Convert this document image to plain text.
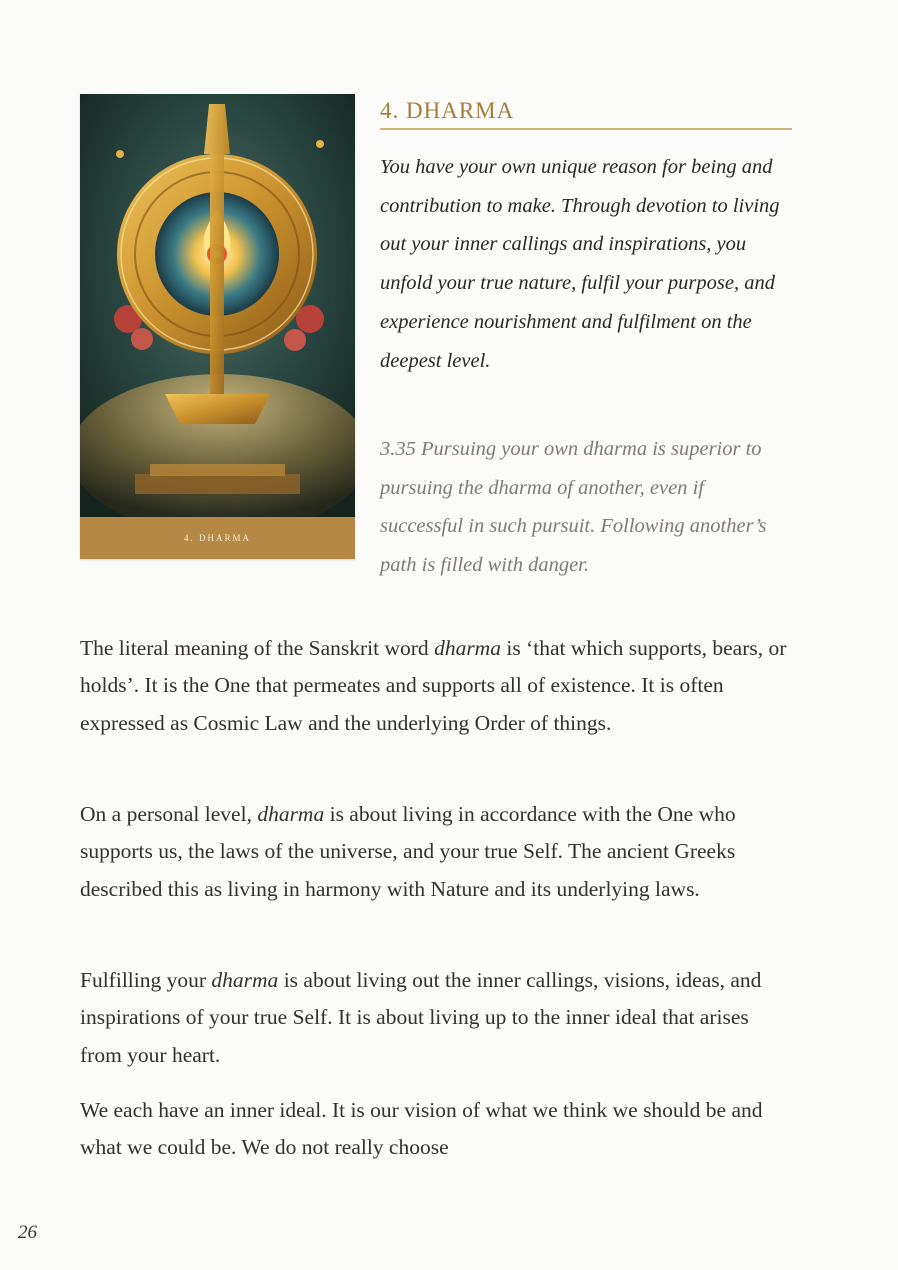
4. DHARMA
4. DHARMA

You have your own unique reason for being and contribution to make. Through devotion to living out your inner callings and inspirations, you unfold your true nature, fulfil your purpose, and experience nourishment and fulfilment on the deepest level.

3.35 Pursuing your own dharma is superior to pursuing the dharma of another, even if successful in such pursuit. Following another’s path is filled with danger.

The literal meaning of the Sanskrit word dharma is ‘that which supports, bears, or holds’. It is the One that permeates and supports all of existence. It is often expressed as Cosmic Law and the underlying Order of things.

On a personal level, dharma is about living in accordance with the One who supports us, the laws of the universe, and your true Self. The ancient Greeks described this as living in harmony with Nature and its underlying laws.

Fulfilling your dharma is about living out the inner callings, visions, ideas, and inspirations of your true Self. It is about living up to the inner ideal that arises from your heart.

We each have an inner ideal. It is our vision of what we think we should be and what we could be. We do not really choose

26
